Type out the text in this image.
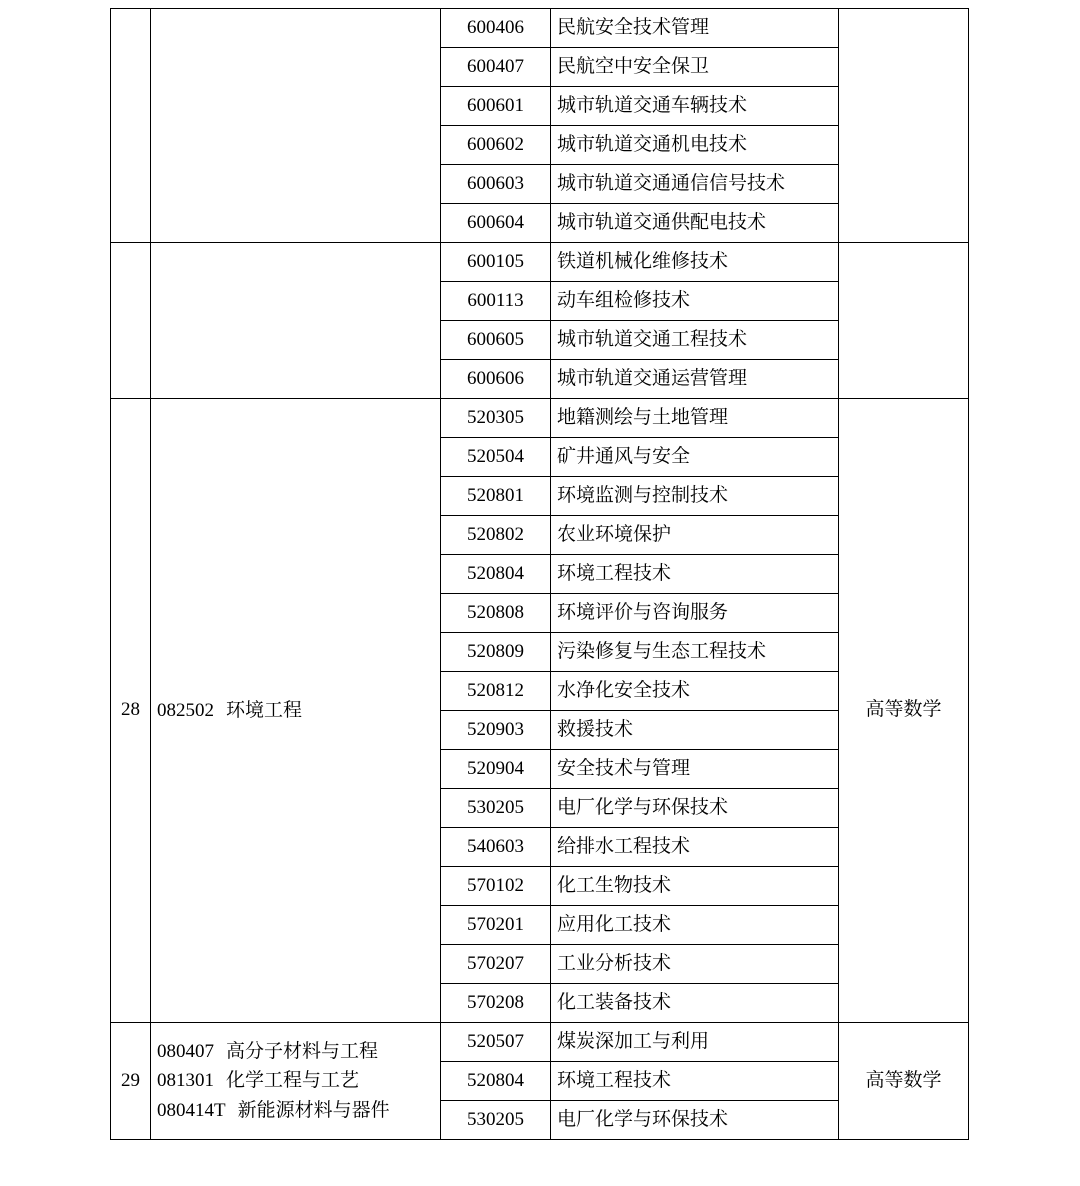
		600406	民航安全技术管理	
		600407	民航空中安全保卫	
		600601	城市轨道交通车辆技术	
		600602	城市轨道交通机电技术	
		600603	城市轨道交通通信信号技术	
		600604	城市轨道交通供配电技术	
		600105	铁道机械化维修技术	
		600113	动车组检修技术	
		600605	城市轨道交通工程技术	
		600606	城市轨道交通运营管理	
28	082502 环境工程	520305	地籍测绘与土地管理	高等数学
		520504	矿井通风与安全	
		520801	环境监测与控制技术	
		520802	农业环境保护	
		520804	环境工程技术	
		520808	环境评价与咨询服务	
		520809	污染修复与生态工程技术	
		520812	水净化安全技术	
		520903	救援技术	
		520904	安全技术与管理	
		530205	电厂化学与环保技术	
		540603	给排水工程技术	
		570102	化工生物技术	
		570201	应用化工技术	
		570207	工业分析技术	
		570208	化工装备技术	
29	080407 高分子材料与工程
081301 化学工程与工艺
080414T 新能源材料与器件	520507	煤炭深加工与利用	高等数学
		520804	环境工程技术	
		530205	电厂化学与环保技术	
